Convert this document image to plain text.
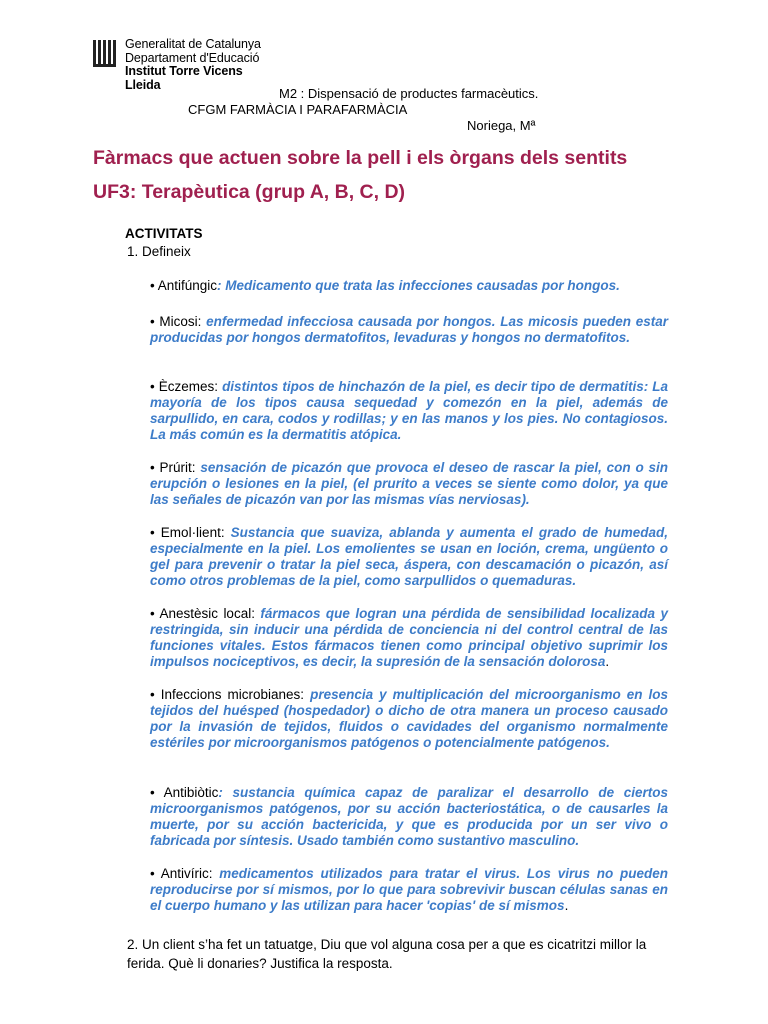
Generalitat de Catalunya
Departament d'Educació
Institut Torre Vicens
Lleida
M2 : Dispensació de productes farmacèutics.
CFGM FARMÀCIA I PARAFARMÀCIA
Noriega, Mª
Fàrmacs que actuen sobre la pell i els òrgans dels sentits
UF3: Terapèutica (grup A, B, C, D)
ACTIVITATS
1. Defineix
• Antifúngic: Medicamento que trata las infecciones causadas por hongos.
• Micosi: enfermedad infecciosa causada por hongos. Las micosis pueden estar producidas por hongos dermatofitos, levaduras y hongos no dermatofitos.
• Èczemes: distintos tipos de hinchazón de la piel, es decir tipo de dermatitis: La mayoría de los tipos causa sequedad y comezón en la piel, además de sarpullido, en cara, codos y rodillas; y en las manos y los pies. No contagiosos. La más común es la dermatitis atópica.
• Prúrit: sensación de picazón que provoca el deseo de rascar la piel, con o sin erupción o lesiones en la piel, (el prurito a veces se siente como dolor, ya que las señales de picazón van por las mismas vías nerviosas).
• Emol·lient: Sustancia que suaviza, ablanda y aumenta el grado de humedad, especialmente en la piel. Los emolientes se usan en loción, crema, ungüento o gel para prevenir o tratar la piel seca, áspera, con descamación o picazón, así como otros problemas de la piel, como sarpullidos o quemaduras.
• Anestèsic local: fármacos que logran una pérdida de sensibilidad localizada y restringida, sin inducir una pérdida de conciencia ni del control central de las funciones vitales. Estos fármacos tienen como principal objetivo suprimir los impulsos nociceptivos, es decir, la supresión de la sensación dolorosa.
• Infeccions microbianes: presencia y multiplicación del microorganismo en los tejidos del huésped (hospedador) o dicho de otra manera un proceso causado por la invasión de tejidos, fluidos o cavidades del organismo normalmente estériles por microorganismos patógenos o potencialmente patógenos.
• Antibiòtic: sustancia química capaz de paralizar el desarrollo de ciertos microorganismos patógenos, por su acción bacteriostática, o de causarles la muerte, por su acción bactericida, y que es producida por un ser vivo o fabricada por síntesis. Usado también como sustantivo masculino.
• Antivíric: medicamentos utilizados para tratar el virus. Los virus no pueden reproducirse por sí mismos, por lo que para sobrevivir buscan células sanas en el cuerpo humano y las utilizan para hacer 'copias' de sí mismos.
2. Un client s’ha fet un tatuatge, Diu que vol alguna cosa per a que es cicatritzi millor la ferida. Què li donaries? Justifica la resposta.
